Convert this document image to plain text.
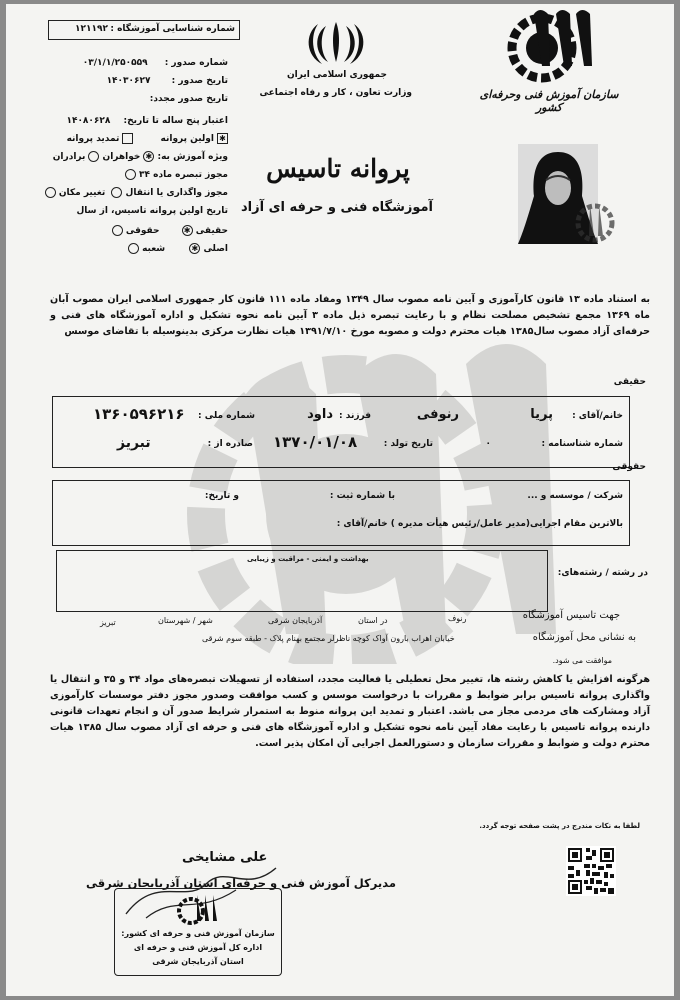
شماره شناسایی آموزشگاه :
۱۲۱۱۹۲
شماره صدور : ۰۳/۱/۱/۲۵۰۵۵۹
تاریخ صدور : ۱۴۰۳۰۶۲۷
تاریخ صدور مجدد:
اعتبار پنج ساله تا تاریخ: ۱۴۰۸۰۶۲۸
✱اولین پروانه تمدید پروانه
ویژه آموزش به: ✱خواهران برادران
مجوز تبصره ماده ۳۴
مجوز واگذاری یا انتقال  تغییر مکان
تاریخ اولین پروانه تاسیس، از سال
حقیقی ✱ حقوقی
اصلی ✱ شعبه
جمهوری اسلامی ایران
وزارت تعاون ، کار و رفاه اجتماعی	سازمان آموزش فنی وحرفه‌ای کشور
پروانه تاسیس
آموزشگاه فنی و حرفه ای آزاد
به استناد ماده ۱۳ قانون کارآموزی و آیین نامه مصوب سال ۱۳۴۹ ومفاد ماده ۱۱۱ قانون کار جمهوری اسلامی ایران مصوب آبان ماه ۱۳۶۹ مجمع تشخیص مصلحت نظام و با رعایت تبصره ذیل ماده ۳ آیین نامه نحوه تشکیل و اداره آموزشگاه های فنی و حرفه‌ای آزاد مصوب سال۱۳۸۵ هیات محترم دولت و مصوبه مورخ ۱۳۹۱/۷/۱۰ هیات نظارت مرکزی بدینوسیله با تقاضای موسس
حقیقی
خانم/آقای :
پریا
رنوفی
فرزند :
داود
شماره ملی :
۱۳۶۰۵۹۶۲۱۶
شماره شناسنامه :
۰
تاریخ تولد :
۱۳۷۰/۰۱/۰۸
صادره از :
تبریز
حقوقی
شرکت / موسسه و ...
با شماره ثبت :
و تاریخ:
بالاترین مقام اجرایی(مدیر عامل/رئیس هیأت مدیره ) خانم/آقای :
بهداشت و ایمنی - مراقبت و زیبایی
در رشته / رشته‌های:
جهت تاسیس آموزشگاه
رنوف
در استان
آذربایجان شرقی
شهر / شهرستان
تبریز
به نشانی محل آموزشگاه
خیابان اهراب بارون آواک کوچه ناظرلر مجتمع بهنام پلاک - طبقه سوم شرقی
موافقت می شود.
هرگونه افزایش یا کاهش رشته ها، تغییر محل تعطیلی یا فعالیت مجدد، استفاده از تسهیلات تبصره‌های مواد ۳۴ و ۳۵ و انتقال یا واگذاری پروانه تاسیس برابر ضوابط و مقررات با درخواست موسس و کسب موافقت وصدور مجوز دفتر موسسات کارآموزی آزاد ومشارکت های مردمی مجاز می باشد. اعتبار و تمدید این پروانه منوط به استمرار شرایط صدور آن و انجام تعهدات قانونی دارنده پروانه تاسیس با رعایت مفاد آیین نامه نحوه تشکیل و اداره آموزشگاه های فنی و حرفه ای آزاد مصوب سال ۱۳۸۵ هیات محترم دولت و ضوابط و مقررات سازمان و دستورالعمل اجرایی آن امکان پذیر است.
لطفا به نکات مندرج در پشت صفحه توجه گردد.
علی مشایخی
مدیرکل آموزش فنی و حرفه‌ای استان آذربایجان شرقی
سازمان آموزش فنی و حرفه ای کشور:
اداره کل آموزش فنی و حرفه ای
استان آذربایجان شرقی
